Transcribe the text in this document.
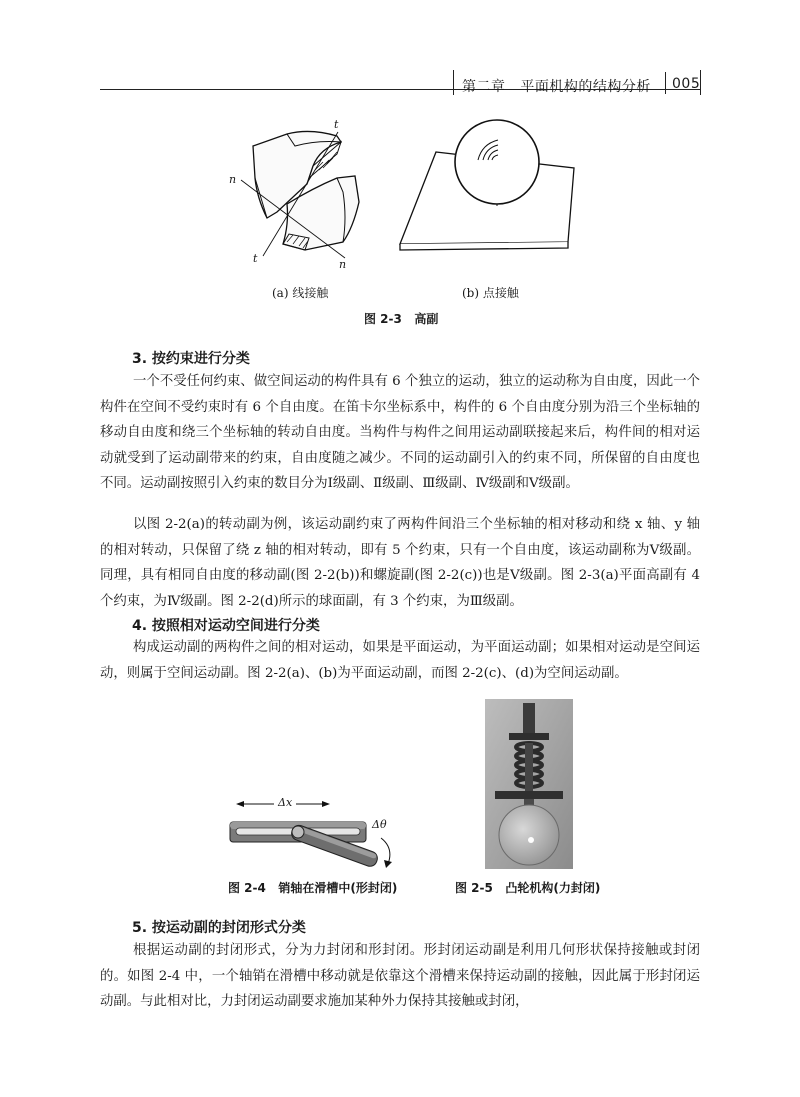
第二章 平面机构的结构分析 005
t
n
t	n
(a) 线接触	(b) 点接触
图 2-3 高副
3. 按约束进行分类

一个不受任何约束、做空间运动的构件具有 6 个独立的运动，独立的运动称为自由度，因此一个构件在空间不受约束时有 6 个自由度。在笛卡尔坐标系中，构件的 6 个自由度分别为沿三个坐标轴的移动自由度和绕三个坐标轴的转动自由度。当构件与构件之间用运动副联接起来后，构件间的相对运动就受到了运动副带来的约束，自由度随之减少。不同的运动副引入的约束不同，所保留的自由度也不同。运动副按照引入约束的数目分为Ⅰ级副、Ⅱ级副、Ⅲ级副、Ⅳ级副和Ⅴ级副。

以图 2-2(a)的转动副为例，该运动副约束了两构件间沿三个坐标轴的相对移动和绕 x 轴、y 轴的相对转动，只保留了绕 z 轴的相对转动，即有 5 个约束，只有一个自由度，该运动副称为Ⅴ级副。同理，具有相同自由度的移动副(图 2-2(b))和螺旋副(图 2-2(c))也是Ⅴ级副。图 2-3(a)平面高副有 4 个约束，为Ⅳ级副。图 2-2(d)所示的球面副，有 3 个约束，为Ⅲ级副。

4. 按照相对运动空间进行分类

构成运动副的两构件之间的相对运动，如果是平面运动，为平面运动副；如果相对运动是空间运动，则属于空间运动副。图 2-2(a)、(b)为平面运动副，而图 2-2(c)、(d)为空间运动副。

Δx
Δθ
图 2-4   销轴在滑槽中(形封闭)	图 2-5   凸轮机构(力封闭)
5. 按运动副的封闭形式分类

根据运动副的封闭形式，分为力封闭和形封闭。形封闭运动副是利用几何形状保持接触或封闭的。如图 2-4 中，一个轴销在滑槽中移动就是依靠这个滑槽来保持运动副的接触，因此属于形封闭运动副。与此相对比，力封闭运动副要求施加某种外力保持其接触或封闭，
